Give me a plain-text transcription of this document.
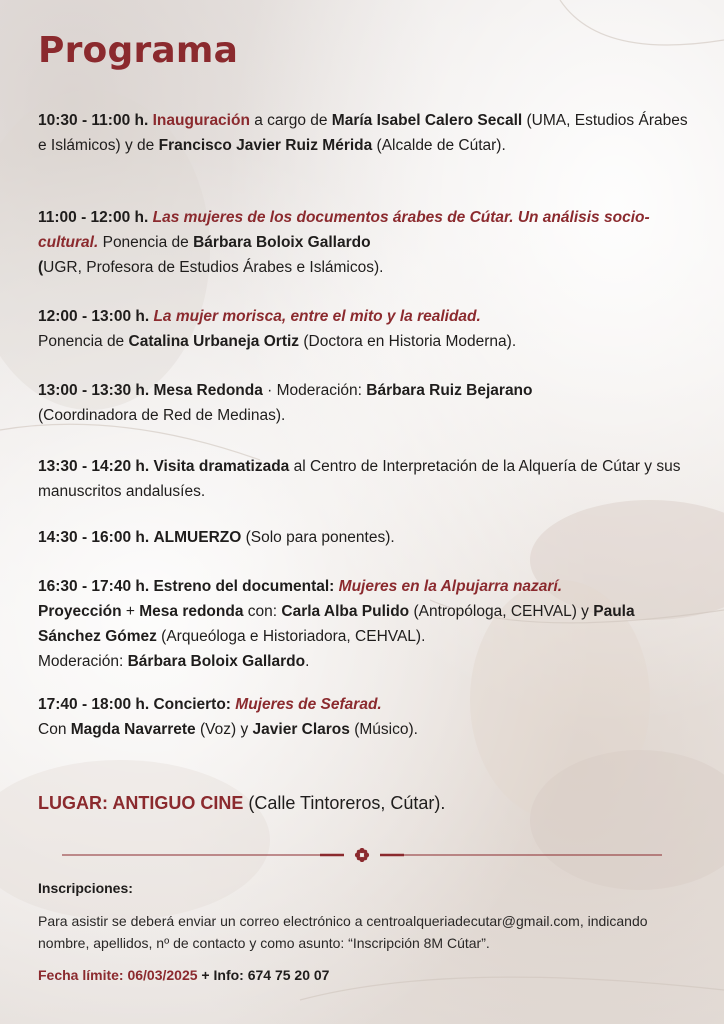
Programa

10:30 - 11:00 h. Inauguración a cargo de María Isabel Calero Secall (UMA, Estudios Árabes e Islámicos) y de Francisco Javier Ruiz Mérida (Alcalde de Cútar).

11:00 - 12:00 h. Las mujeres de los documentos árabes de Cútar. Un análisis socio-cultural. Ponencia de Bárbara Boloix Gallardo
(UGR, Profesora de Estudios Árabes e Islámicos).

12:00 - 13:00 h. La mujer morisca, entre el mito y la realidad.
Ponencia de Catalina Urbaneja Ortiz (Doctora en Historia Moderna).

13:00 - 13:30 h. Mesa Redonda · Moderación: Bárbara Ruiz Bejarano
(Coordinadora de Red de Medinas).

13:30 - 14:20 h. Visita dramatizada al Centro de Interpretación de la Alquería de Cútar y sus manuscritos andalusíes.

14:30 - 16:00 h. ALMUERZO (Solo para ponentes).

16:30 - 17:40 h. Estreno del documental: Mujeres en la Alpujarra nazarí.
Proyección + Mesa redonda con: Carla Alba Pulido (Antropóloga, CEHVAL) y Paula Sánchez Gómez (Arqueóloga e Historiadora, CEHVAL).
Moderación: Bárbara Boloix Gallardo.

17:40 - 18:00 h. Concierto: Mujeres de Sefarad.
Con Magda Navarrete (Voz) y Javier Claros (Músico).

LUGAR: ANTIGUO CINE (Calle Tintoreros, Cútar).

Inscripciones:

Para asistir se deberá enviar un correo electrónico a centroalqueriadecutar@gmail.com, indicando nombre, apellidos, nº de contacto y como asunto: “Inscripción 8M Cútar”.

Fecha límite: 06/03/2025 + Info: 674 75 20 07
